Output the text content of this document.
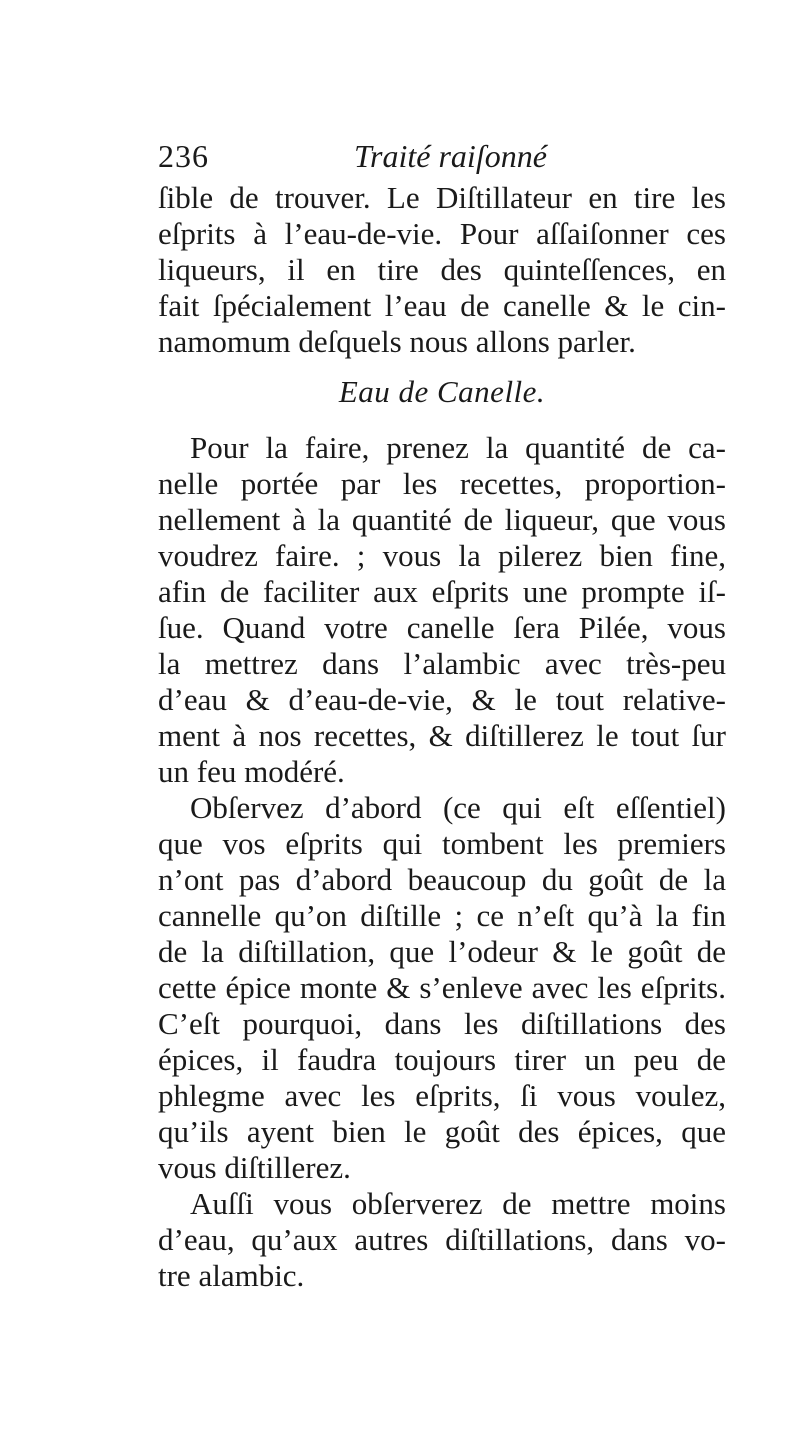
236	Traité raiſonné
ſible de trouver. Le Diſtillateur en tire les
eſprits à l’eau-de-vie. Pour aſſaiſonner ces
liqueurs, il en tire des quinteſſences, en
fait ſpécialement l’eau de canelle & le cin-
namomum deſquels nous allons parler.
Eau de Canelle.
Pour la faire, prenez la quantité de ca-
nelle portée par les recettes, proportion-
nellement à la quantité de liqueur, que vous
voudrez faire. ; vous la pilerez bien fine,
afin de faciliter aux eſprits une prompte iſ-
ſue. Quand votre canelle ſera Pilée, vous
la mettrez dans l’alambic avec très-peu
d’eau & d’eau-de-vie, & le tout relative-
ment à nos recettes, & diſtillerez le tout ſur
un feu modéré.
Obſervez d’abord (ce qui eſt eſſentiel)
que vos eſprits qui tombent les premiers
n’ont pas d’abord beaucoup du goût de la
cannelle qu’on diſtille ; ce n’eſt qu’à la fin
de la diſtillation, que l’odeur & le goût de
cette épice monte & s’enleve avec les eſprits.
C’eſt pourquoi, dans les diſtillations des
épices, il faudra toujours tirer un peu de
phlegme avec les eſprits, ſi vous voulez,
qu’ils ayent bien le goût des épices, que
vous diſtillerez.
Auſſi vous obſerverez de mettre moins
d’eau, qu’aux autres diſtillations, dans vo-
tre alambic.
